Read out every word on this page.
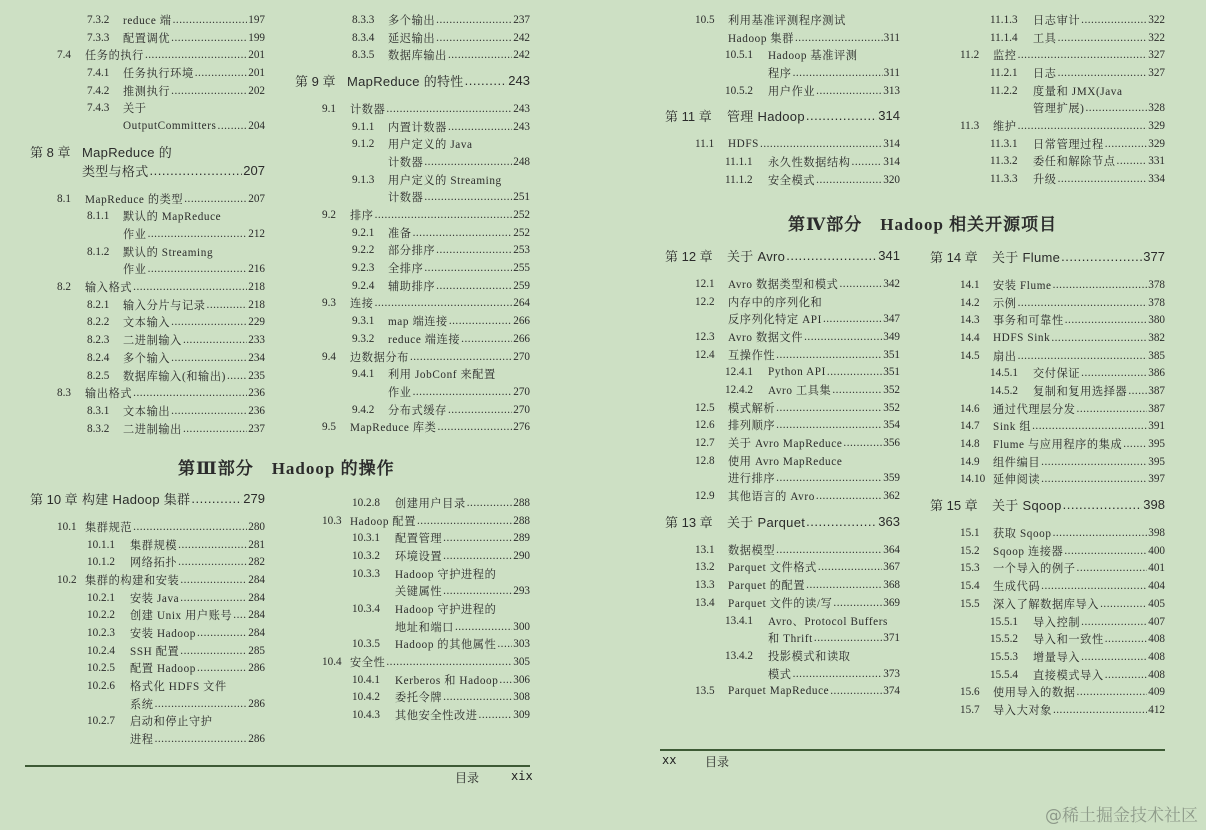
7.3.2 reduce 端 .....	197
7.3.3 配置调优 .....	199
7.4 任务的执行 .....	201
7.4.1 任务执行环境 .....	201
7.4.2 推测执行 .....	202
7.4.3 关于
OutputCommitters .....	204
第 8 章 MapReduce 的
类型与格式 .....	207
8.1 MapReduce 的类型 .....	207
8.1.1 默认的 MapReduce
作业 .....	212
8.1.2 默认的 Streaming
作业 .....	216
8.2 输入格式 .....	218
8.2.1 输入分片与记录 .....	218
8.2.2 文本输入 .....	229
8.2.3 二进制输入 .....	233
8.2.4 多个输入 .....	234
8.2.5 数据库输入(和输出) ..... 235
8.3 输出格式 .....	236
8.3.1 文本输出 .....	236
8.3.2 二进制输出 .....	237
8.3.3 多个输出 .....	237
8.3.4 延迟输出 .....	242
8.3.5 数据库输出 .....	242
第 9 章 MapReduce 的特性 .....	243
9.1 计数器 .....	243
9.1.1 内置计数器 .....	243
9.1.2 用户定义的 Java
计数器 .....	248
9.1.3 用户定义的 Streaming
计数器 .....	251
9.2 排序 .....	252
9.2.1 准备 .....	252
9.2.2 部分排序 .....	253
9.2.3 全排序 .....	255
9.2.4 辅助排序 .....	259
9.3 连接 .....	264
9.3.1 map 端连接 .....	266
9.3.2 reduce 端连接 .....	266
9.4 边数据分布 .....	270
9.4.1 利用 JobConf 来配置
作业 .....	270
9.4.2 分布式缓存 .....	270
9.5 MapReduce 库类 .....	276
第Ⅲ部分　Hadoop 的操作
第 10 章 构建 Hadoop 集群 .....	279
10.1 集群规范 .....	280
10.1.1 集群规模 .....	281
10.1.2 网络拓扑 .....	282
10.2 集群的构建和安装 .....	284
10.2.1 安装 Java .....	284
10.2.2 创建 Unix 用户账号 ..... 284
10.2.3 安装 Hadoop .....	284
10.2.4 SSH 配置 .....	285
10.2.5 配置 Hadoop .....	286
10.2.6 格式化 HDFS 文件
系统 .....	286
10.2.7 启动和停止守护
进程 .....	286
10.2.8 创建用户目录 .....	288
10.3 Hadoop 配置 .....	288
10.3.1 配置管理 .....	289
10.3.2 环境设置 .....	290
10.3.3 Hadoop 守护进程的
关键属性 .....	293
10.3.4 Hadoop 守护进程的
地址和端口 .....	300
10.3.5 Hadoop 的其他属性 ..... 303
10.4 安全性 .....	305
10.4.1 Kerberos 和 Hadoop ..... 306
10.4.2 委托令牌 .....	308
10.4.3 其他安全性改进 .....	309
目录	xix
10.5 利用基准评测程序测试
Hadoop 集群 .....	311
10.5.1 Hadoop 基准评测
程序 .....	311
10.5.2 用户作业 .....	313
第 11 章 管理 Hadoop .....	314
11.1 HDFS .....	314
11.1.1 永久性数据结构 .....	314
11.1.2 安全模式 .....	320
11.1.3 日志审计 .....	322
11.1.4 工具 .....	322
11.2 监控 .....	327
11.2.1 日志 .....	327
11.2.2 度量和 JMX(Java
管理扩展) .....	328
11.3 维护 .....	329
11.3.1 日常管理过程 .....	329
11.3.2 委任和解除节点 .....	331
11.3.3 升级 .....	334
第Ⅳ部分　Hadoop 相关开源项目
第 12 章 关于 Avro .....	341
12.1 Avro 数据类型和模式 .....	342
12.2 内存中的序列化和
反序列化特定 API .....	347
12.3 Avro 数据文件 .....	349
12.4 互操作性 .....	351
12.4.1 Python API .....	351
12.4.2 Avro 工具集 .....	352
12.5 模式解析 .....	352
12.6 排列顺序 .....	354
12.7 关于 Avro MapReduce .....	356
12.8 使用 Avro MapReduce
进行排序 .....	359
12.9 其他语言的 Avro .....	362
第 13 章 关于 Parquet .....	363
13.1 数据模型 .....	364
13.2 Parquet 文件格式 .....	367
13.3 Parquet 的配置 .....	368
13.4 Parquet 文件的读/写 .....	369
13.4.1 Avro、Protocol Buffers
和 Thrift .....	371
13.4.2 投影模式和读取
模式 .....	373
13.5 Parquet MapReduce .....	374
第 14 章 关于 Flume .....	377
14.1 安装 Flume .....	378
14.2 示例 .....	378
14.3 事务和可靠性 .....	380
14.4 HDFS Sink .....	382
14.5 扇出 .....	385
14.5.1 交付保证 .....	386
14.5.2 复制和复用选择器 ..... 387
14.6 通过代理层分发 .....	387
14.7 Sink 组 .....	391
14.8 Flume 与应用程序的集成 ..... 395
14.9 组件编目 .....	395
14.10 延伸阅读 .....	397
第 15 章 关于 Sqoop .....	398
15.1 获取 Sqoop .....	398
15.2 Sqoop 连接器 .....	400
15.3 一个导入的例子 .....	401
15.4 生成代码 .....	404
15.5 深入了解数据库导入 .....	405
15.5.1 导入控制 .....	407
15.5.2 导入和一致性 .....	408
15.5.3 增量导入 .....	408
15.5.4 直接模式导入 .....	408
15.6 使用导入的数据 .....	409
15.7 导入大对象 .....	412
xx 目录
@稀土掘金技术社区
